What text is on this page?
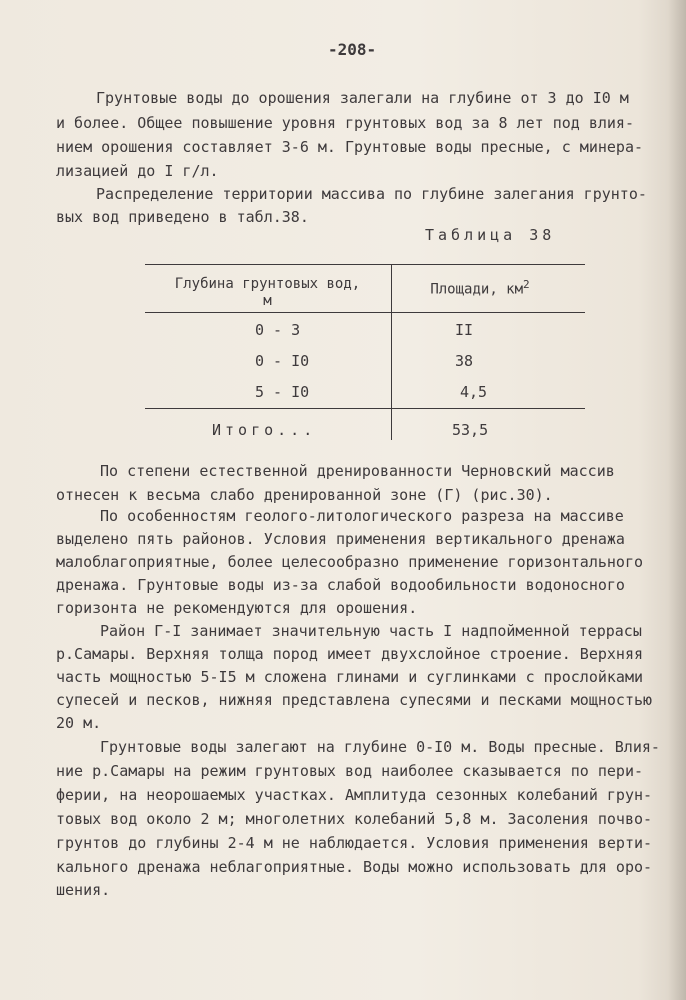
-208-
Грунтовые воды до орошения залегали на глубине от 3 до I0 м
и более. Общее повышение уровня грунтовых вод за 8 лет под влия-
нием орошения составляет 3-6 м. Грунтовые воды пресные, с минера-
лизацией до I г/л.
Распределение территории массива по глубине залегания грунто-
вых вод приведено в табл.38.
Таблица 38
Глубина грунтовых вод,
м
Площади, $км^2$
0 - 3	II
0 - I0	38
5 - I0	4,5
Итого...	53,5
По степени естественной дренированности Черновский массив
отнесен к весьма слабо дренированной зоне (Г) (рис.30).
По особенностям геолого-литологического разреза на массиве
выделено пять районов. Условия применения вертикального дренажа
малоблагоприятные, более целесообразно применение горизонтального
дренажа. Грунтовые воды из-за слабой водообильности водоносного
горизонта не рекомендуются для орошения.
Район Г-I занимает значительную часть I надпойменной террасы
р.Самары. Верхняя толща пород имеет двухслойное строение. Верхняя
часть мощностью 5-I5 м сложена глинами и суглинками с прослойками
супесей и песков, нижняя представлена супесями и песками мощностью
20 м.
Грунтовые воды залегают на глубине 0-I0 м. Воды пресные. Влия-
ние р.Самары на режим грунтовых вод наиболее сказывается по пери-
ферии, на неорошаемых участках. Амплитуда сезонных колебаний грун-
товых вод около 2 м; многолетних колебаний 5,8 м. Засоления почво-
грунтов до глубины 2-4 м не наблюдается. Условия применения верти-
кального дренажа неблагоприятные. Воды можно использовать для оро-
шения.
